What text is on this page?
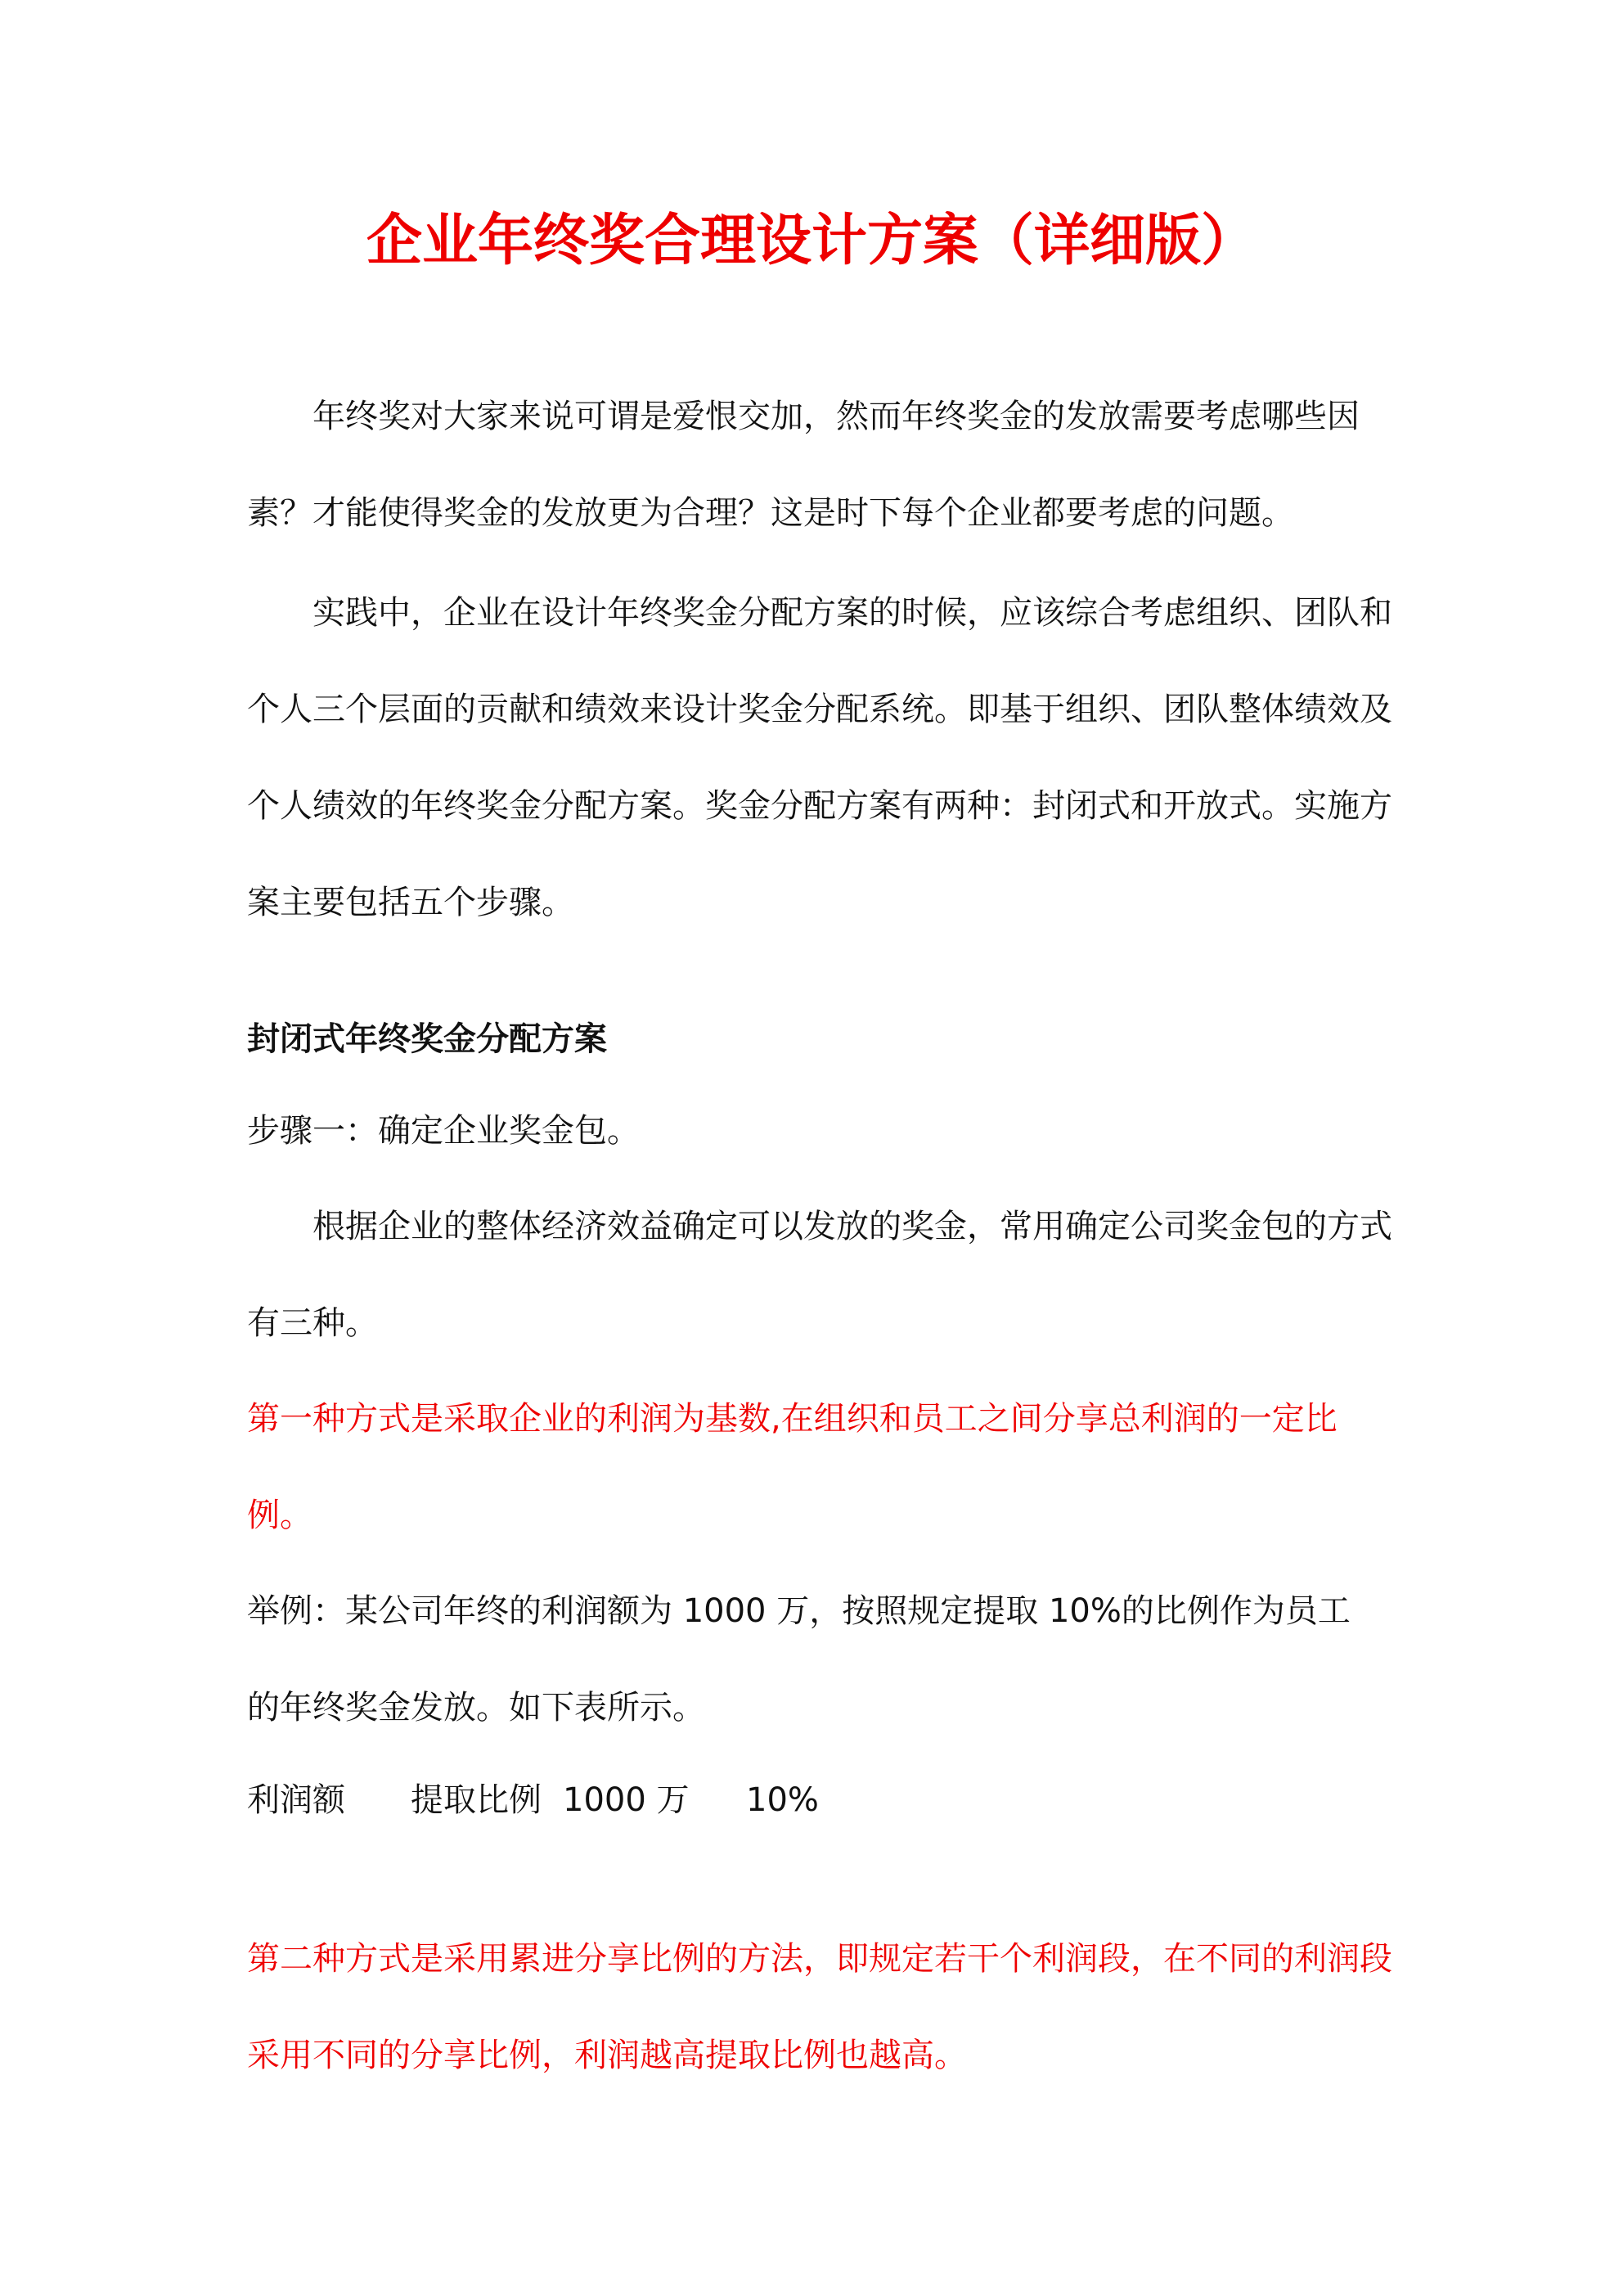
企业年终奖合理设计方案（详细版）

年终奖对大家来说可谓是爱恨交加，然而年终奖金的发放需要考虑哪些因素？才能使得奖金的发放更为合理？这是时下每个企业都要考虑的问题。

实践中，企业在设计年终奖金分配方案的时候，应该综合考虑组织、团队和个人三个层面的贡献和绩效来设计奖金分配系统。即基于组织、团队整体绩效及个人绩效的年终奖金分配方案。奖金分配方案有两种：封闭式和开放式。实施方案主要包括五个步骤。

封闭式年终奖金分配方案
步骤一：确定企业奖金包。

根据企业的整体经济效益确定可以发放的奖金，常用确定公司奖金包的方式有三种。

第一种方式是采取企业的利润为基数,在组织和员工之间分享总利润的一定比例。

举例：某公司年终的利润额为 1000 万，按照规定提取 10%的比例作为员工的年终奖金发放。如下表所示。

利润额 提取比例 1000 万 10%

第二种方式是采用累进分享比例的方法，即规定若干个利润段，在不同的利润段采用不同的分享比例，利润越高提取比例也越高。
